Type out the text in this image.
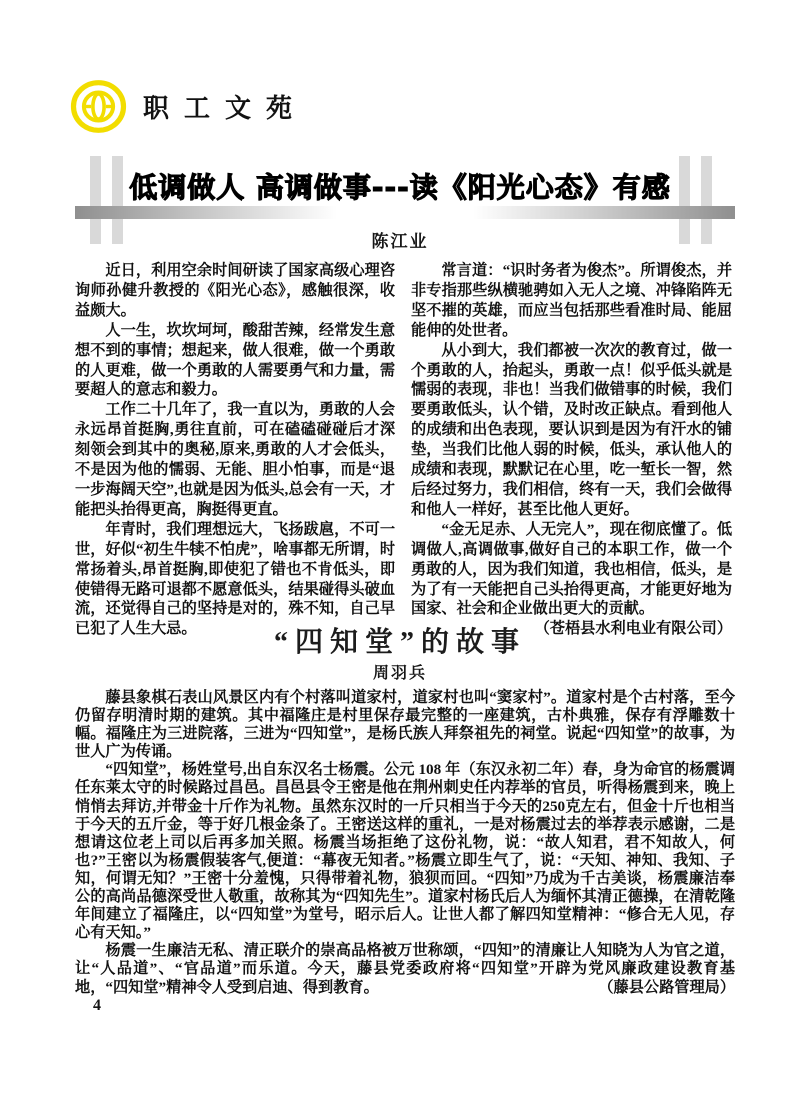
职工文苑
低调做人 高调做事---读《阳光心态》有感
陈江业

近日，利用空余时间研读了国家高级心理咨询师孙健升教授的《阳光心态》，感触很深，收益颇大。

人一生，坎坎坷坷，酸甜苦辣，经常发生意想不到的事情；想起来，做人很难，做一个勇敢的人更难，做一个勇敢的人需要勇气和力量，需要超人的意志和毅力。

工作二十几年了，我一直以为，勇敢的人会永远昂首挺胸,勇往直前，可在磕磕碰碰后才深刻领会到其中的奥秘,原来,勇敢的人才会低头，不是因为他的懦弱、无能、胆小怕事，而是“退一步海阔天空”,也就是因为低头,总会有一天，才能把头抬得更高，胸挺得更直。

年青时，我们理想远大，飞扬跋扈，不可一世，好似“初生牛犊不怕虎”，啥事都无所谓，时常扬着头,昂首挺胸,即使犯了错也不肯低头，即使错得无路可退都不愿意低头，结果碰得头破血流，还觉得自己的坚持是对的，殊不知，自己早已犯了人生大忌。

常言道：“识时务者为俊杰”。所谓俊杰，并非专指那些纵横驰骋如入无人之境、冲锋陷阵无坚不摧的英雄，而应当包括那些看准时局、能屈能伸的处世者。

从小到大，我们都被一次次的教育过，做一个勇敢的人，抬起头，勇敢一点！似乎低头就是懦弱的表现，非也！当我们做错事的时候，我们要勇敢低头，认个错，及时改正缺点。看到他人的成绩和出色表现，要认识到是因为有汗水的铺垫，当我们比他人弱的时候，低头，承认他人的成绩和表现，默默记在心里，吃一堑长一智，然后经过努力，我们相信，终有一天，我们会做得和他人一样好，甚至比他人更好。

“金无足赤、人无完人”，现在彻底懂了。低调做人,高调做事,做好自己的本职工作，做一个勇敢的人，因为我们知道，我也相信，低头，是为了有一天能把自己头抬得更高，才能更好地为国家、社会和企业做出更大的贡献。

（苍梧县水利电业有限公司）

“四知堂”的故事
周羽兵

藤县象棋石表山风景区内有个村落叫道家村，道家村也叫“窦家村”。道家村是个古村落，至今仍留存明清时期的建筑。其中福隆庄是村里保存最完整的一座建筑，古朴典雅，保存有浮雕数十幅。福隆庄为三进院落，三进为“四知堂”，是杨氏族人拜祭祖先的祠堂。说起“四知堂”的故事，为世人广为传诵。

“四知堂”，杨姓堂号,出自东汉名士杨震。公元 108 年（东汉永初二年）春，身为命官的杨震调任东莱太守的时候路过昌邑。昌邑县令王密是他在荆州刺史任内荐举的官员，听得杨震到来，晚上悄悄去拜访,并带金十斤作为礼物。虽然东汉时的一斤只相当于今天的250克左右，但金十斤也相当于今天的五斤金，等于好几根金条了。王密送这样的重礼，一是对杨震过去的举荐表示感谢，二是想请这位老上司以后再多加关照。杨震当场拒绝了这份礼物，说：“故人知君，君不知故人，何也?”王密以为杨震假装客气,便道：“幕夜无知者。”杨震立即生气了，说：“天知、神知、我知、子知，何谓无知？”王密十分羞愧，只得带着礼物，狼狈而回。“四知”乃成为千古美谈，杨震廉洁奉公的高尚品德深受世人敬重，故称其为“四知先生”。道家村杨氏后人为缅怀其清正德操，在清乾隆年间建立了福隆庄，以“四知堂”为堂号，昭示后人。让世人都了解四知堂精神：“修合无人见，存心有天知。”

杨震一生廉洁无私、清正联介的崇高品格被万世称颂，“四知”的清廉让人知晓为人为官之道，让“人品道”、“官品道”而乐道。今天，藤县党委政府将“四知堂”开辟为党风廉政建设教育基地，“四知堂”精神令人受到启迪、得到教育。	（藤县公路管理局）

4
